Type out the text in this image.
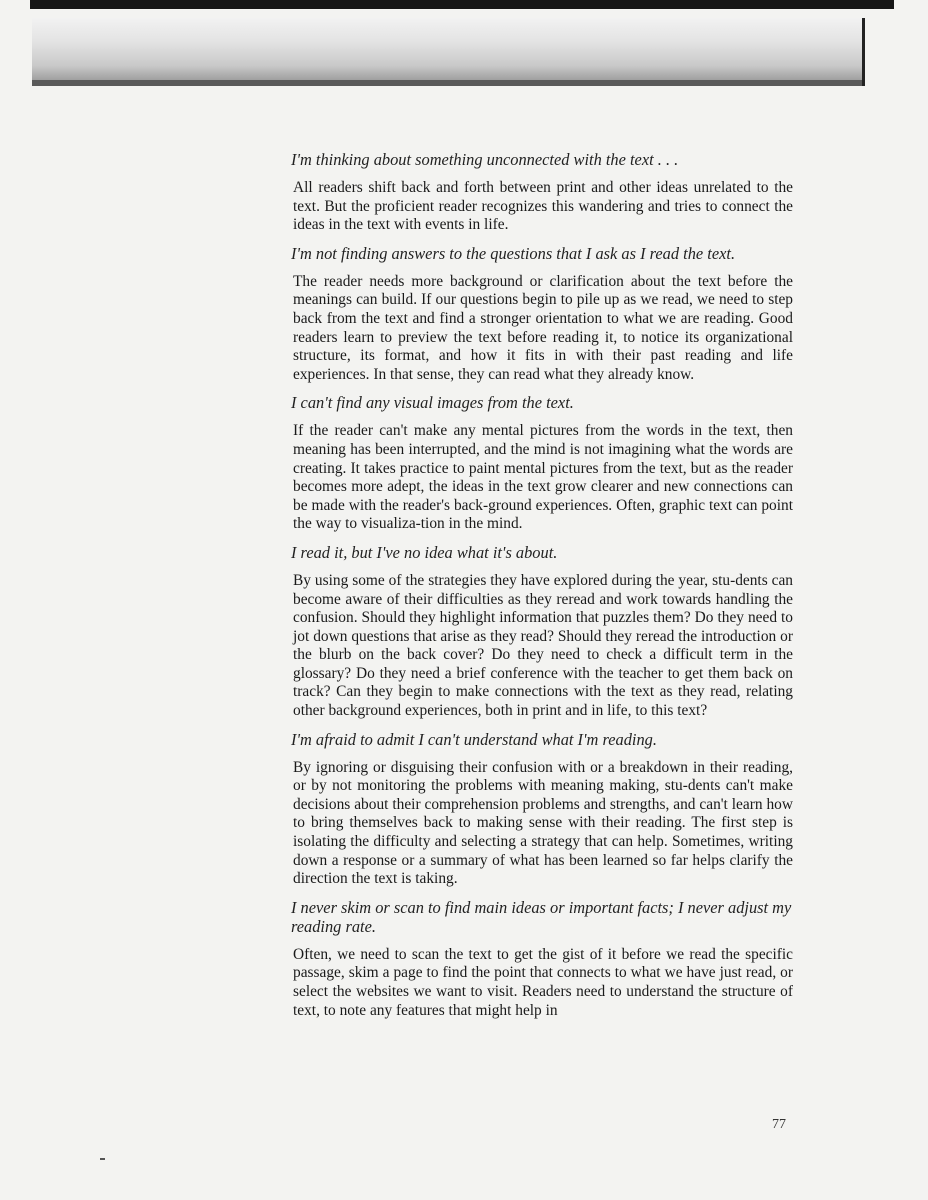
I'm thinking about something unconnected with the text . . .
All readers shift back and forth between print and other ideas unrelated to the text. But the proficient reader recognizes this wandering and tries to connect the ideas in the text with events in life.
I'm not finding answers to the questions that I ask as I read the text.
The reader needs more background or clarification about the text before the meanings can build. If our questions begin to pile up as we read, we need to step back from the text and find a stronger orientation to what we are reading. Good readers learn to preview the text before reading it, to notice its organizational structure, its format, and how it fits in with their past reading and life experiences. In that sense, they can read what they already know.
I can't find any visual images from the text.
If the reader can't make any mental pictures from the words in the text, then meaning has been interrupted, and the mind is not imagining what the words are creating. It takes practice to paint mental pictures from the text, but as the reader becomes more adept, the ideas in the text grow clearer and new connections can be made with the reader's back-ground experiences. Often, graphic text can point the way to visualiza-tion in the mind.
I read it, but I've no idea what it's about.
By using some of the strategies they have explored during the year, stu-dents can become aware of their difficulties as they reread and work towards handling the confusion. Should they highlight information that puzzles them? Do they need to jot down questions that arise as they read? Should they reread the introduction or the blurb on the back cover? Do they need to check a difficult term in the glossary? Do they need a brief conference with the teacher to get them back on track? Can they begin to make connections with the text as they read, relating other background experiences, both in print and in life, to this text?
I'm afraid to admit I can't understand what I'm reading.
By ignoring or disguising their confusion with or a breakdown in their reading, or by not monitoring the problems with meaning making, stu-dents can't make decisions about their comprehension problems and strengths, and can't learn how to bring themselves back to making sense with their reading. The first step is isolating the difficulty and selecting a strategy that can help. Sometimes, writing down a response or a summary of what has been learned so far helps clarify the direction the text is taking.
I never skim or scan to find main ideas or important facts; I never adjust my reading rate.
Often, we need to scan the text to get the gist of it before we read the specific passage, skim a page to find the point that connects to what we have just read, or select the websites we want to visit. Readers need to understand the structure of text, to note any features that might help in
77
